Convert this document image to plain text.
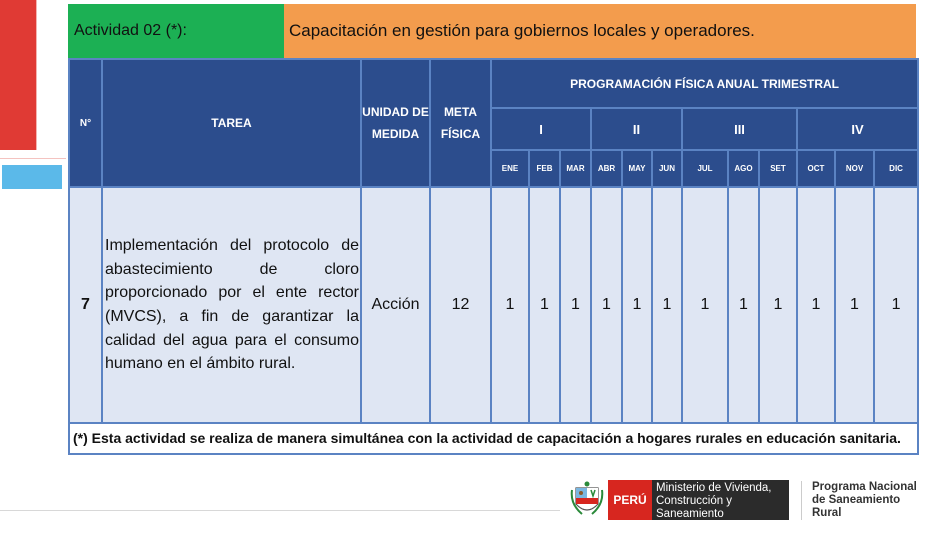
Actividad 02 (*):	Capacitación en gestión para gobiernos locales y operadores.
N°	TAREA	UNIDAD DE MEDIDA	META FÍSICA	PROGRAMACIÓN FÍSICA ANUAL TRIMESTRAL											
				I			II			III			IV		
				ENE	FEB	MAR	ABR	MAY	JUN	JUL	AGO	SET	OCT	NOV	DIC
7	Implementación del protocolo de abastecimiento de cloro proporcionado por el ente rector (MVCS), a fin de garantizar la calidad del agua para el consumo humano en el ámbito rural.	Acción	12	1	1	1	1	1	1	1	1	1	1	1	1
(*) Esta actividad se realiza de manera simultánea con la actividad de capacitación a hogares rurales en educación sanitaria.															
PERÚ
Ministerio de Vivienda, Construcción y Saneamiento
Programa Nacional de Saneamiento Rural
